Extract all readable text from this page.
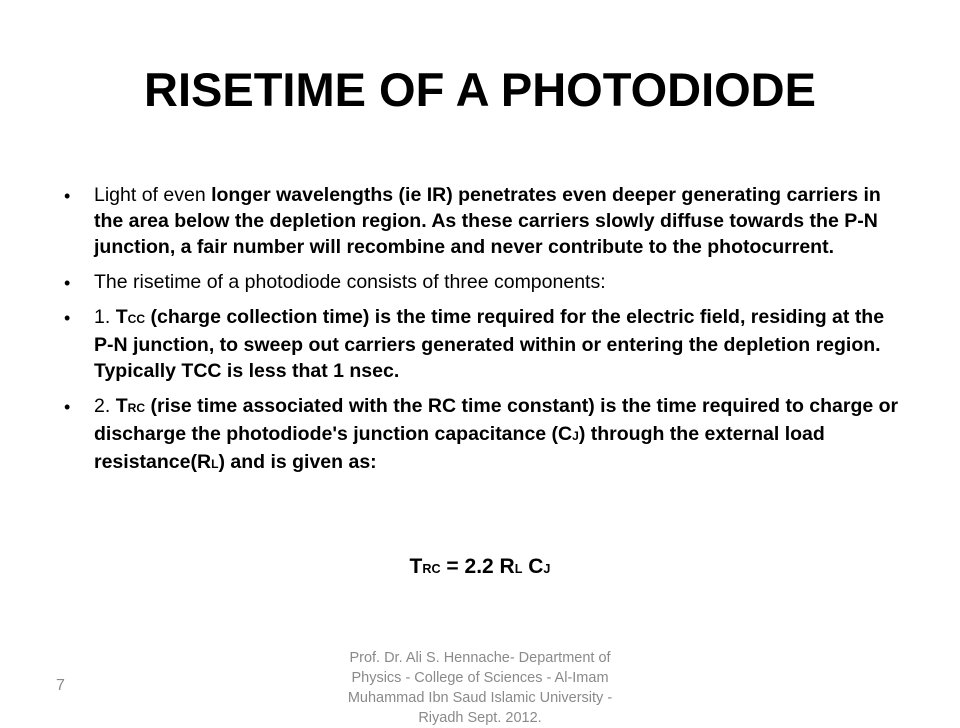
RISETIME OF A PHOTODIODE
• Light of even longer wavelengths (ie IR) penetrates even deeper generating carriers in the area below the depletion region. As these carriers slowly diffuse towards the P-N junction, a fair number will recombine and never contribute to the photocurrent.
• The risetime of a photodiode consists of three components:
• 1. TCC (charge collection time) is the time required for the electric field, residing at the P-N junction, to sweep out carriers generated within or entering the depletion region. Typically TCC is less that 1 nsec.
• 2. TRC (rise time associated with the RC time constant) is the time required to charge or discharge the photodiode's junction capacitance (CJ) through the external load resistance(RL) and is given as:
TRC = 2.2 RL CJ
7
Prof. Dr. Ali S. Hennache- Department of Physics - College of Sciences - Al-Imam Muhammad Ibn Saud Islamic University - Riyadh Sept. 2012.
